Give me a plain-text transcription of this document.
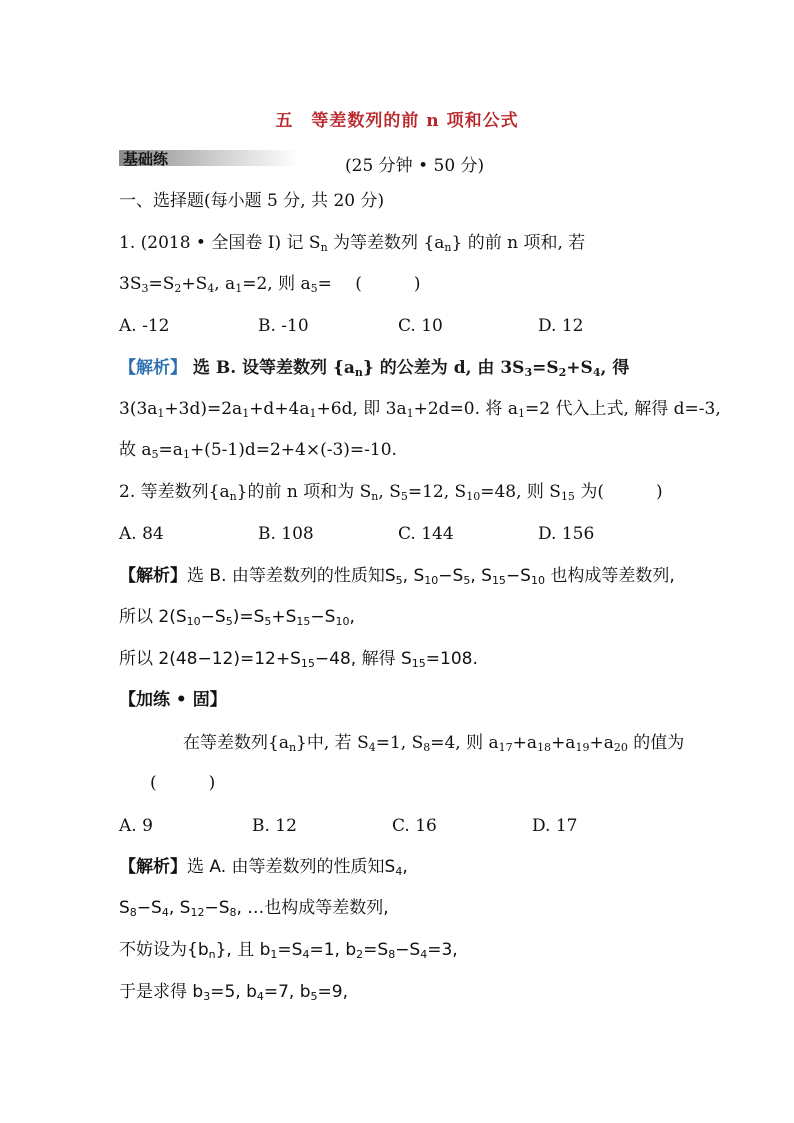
五 等差数列的前 n 项和公式
基础练	(25 分钟 • 50 分)
一、选择题(每小题 5 分, 共 20 分)
1. (2018 • 全国卷 Ⅰ) 记 $S_n$ 为等差数列 $\{a_n\}$ 的前 n 项和, 若
$3S_3=S_2+S_4$, $a_1=2$, 则 $a_5=$ (	)
A. -12	B. -10	C. 10	D. 12
【解析】 选 B. 设等差数列 $\{a_n\}$ 的公差为 d, 由 $3S_3=S_2+S_4$, 得
$3(3a_1+3d)=2a_1+d+4a_1+6d$, 即 $3a_1+2d=0$. 将 $a_1=2$ 代入上式, 解得 d=-3,
故 $a_5=a_1+(5-1)d=2+4\times(-3)=-10$.
2. 等差数列$\{a_n\}$的前 n 项和为 $S_n$, $S_5=12$, $S_{10}=48$, 则 $S_{15}$ 为(	)
A. 84	B. 108	C. 144	D. 156
【解析】选 B. 由等差数列的性质知$S_5$, $S_{10}-S_5$, $S_{15}-S_{10}$ 也构成等差数列,
所以 $2(S_{10}-S_5)=S_5+S_{15}-S_{10}$,
所以 $2(48-12)=12+S_{15}-48$, 解得 $S_{15}=108$.
【加练 • 固】
在等差数列$\{a_n\}$中, 若 $S_4=1$, $S_8=4$, 则 $a_{17}+a_{18}+a_{19}+a_{20}$ 的值为
(	)
A. 9	B. 12	C. 16	D. 17
【解析】选 A. 由等差数列的性质知$S_4$,
$S_8-S_4$, $S_{12}-S_8$, …也构成等差数列,
不妨设为$\{b_n\}$, 且 $b_1=S_4=1$, $b_2=S_8-S_4=3$,
于是求得 $b_3=5$, $b_4=7$, $b_5=9$,
